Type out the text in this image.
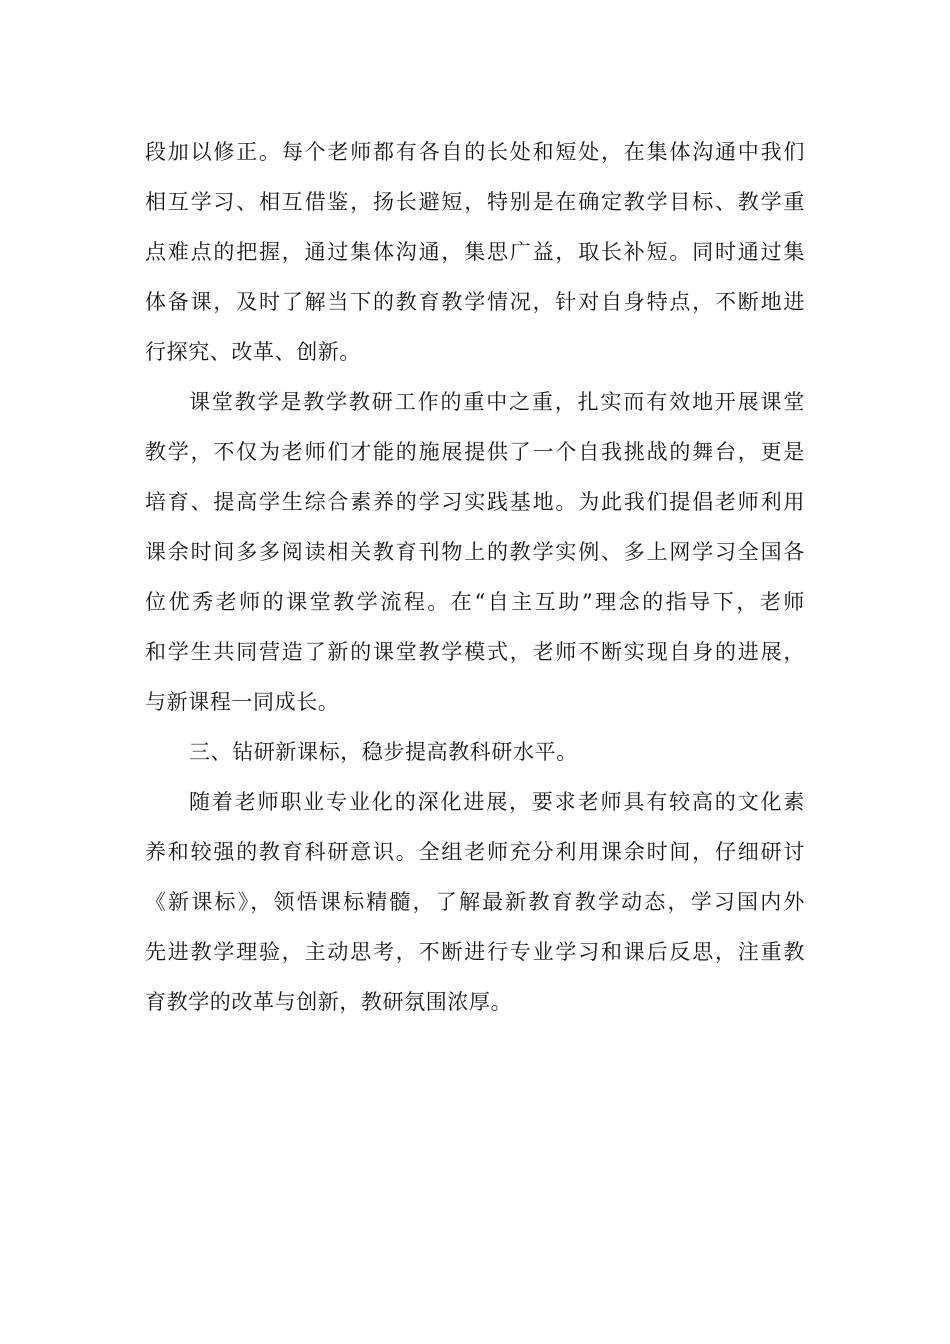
段加以修正。每个老师都有各自的长处和短处，在集体沟通中我们
相互学习、相互借鉴，扬长避短，特别是在确定教学目标、教学重
点难点的把握，通过集体沟通，集思广益，取长补短。同时通过集
体备课，及时了解当下的教育教学情况，针对自身特点，不断地进
行探究、改革、创新。
课堂教学是教学教研工作的重中之重，扎实而有效地开展课堂
教学，不仅为老师们才能的施展提供了一个自我挑战的舞台，更是
培育、提高学生综合素养的学习实践基地。为此我们提倡老师利用
课余时间多多阅读相关教育刊物上的教学实例、多上网学习全国各
位优秀老师的课堂教学流程。在“自主互助”理念的指导下，老师
和学生共同营造了新的课堂教学模式，老师不断实现自身的进展，
与新课程一同成长。
三、钻研新课标，稳步提高教科研水平。
随着老师职业专业化的深化进展，要求老师具有较高的文化素
养和较强的教育科研意识。全组老师充分利用课余时间，仔细研讨
《新课标》，领悟课标精髓，了解最新教育教学动态，学习国内外
先进教学理验，主动思考，不断进行专业学习和课后反思，注重教
育教学的改革与创新，教研氛围浓厚。
